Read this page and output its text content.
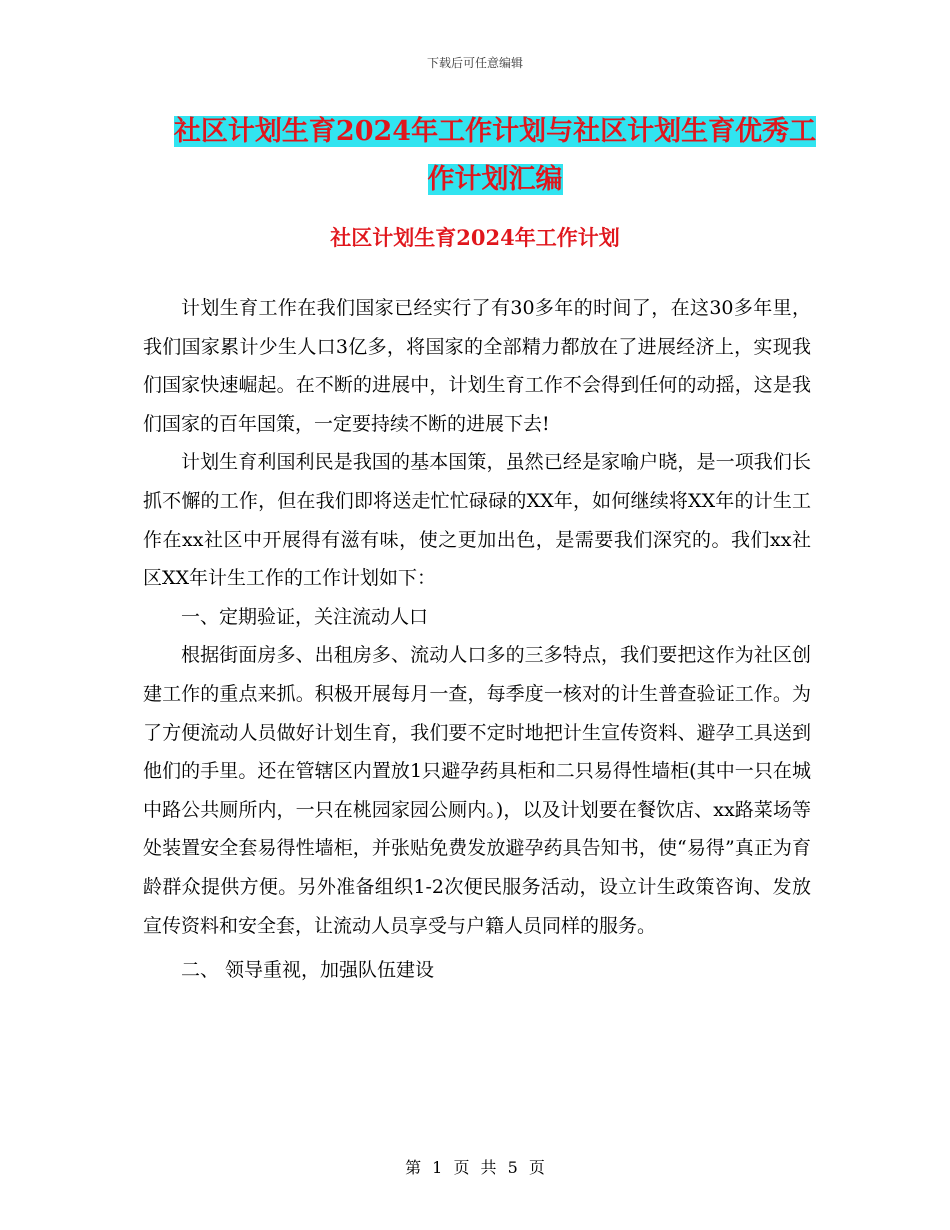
下载后可任意编辑
社区计划生育2024年工作计划与社区计划生育优秀工
作计划汇编
社区计划生育2024年工作计划

计划生育工作在我们国家已经实行了有30多年的时间了，在这30多年里，我们国家累计少生人口3亿多，将国家的全部精力都放在了进展经济上，实现我们国家快速崛起。在不断的进展中，计划生育工作不会得到任何的动摇，这是我们国家的百年国策，一定要持续不断的进展下去!

计划生育利国利民是我国的基本国策，虽然已经是家喻户晓，是一项我们长抓不懈的工作，但在我们即将送走忙忙碌碌的XX年，如何继续将XX年的计生工作在xx社区中开展得有滋有味，使之更加出色，是需要我们深究的。我们xx社区XX年计生工作的工作计划如下：

一、定期验证，关注流动人口

根据街面房多、出租房多、流动人口多的三多特点，我们要把这作为社区创建工作的重点来抓。积极开展每月一查，每季度一核对的计生普查验证工作。为了方便流动人员做好计划生育，我们要不定时地把计生宣传资料、避孕工具送到他们的手里。还在管辖区内置放1只避孕药具柜和二只易得性墙柜(其中一只在城中路公共厕所内，一只在桃园家园公厕内。)，以及计划要在餐饮店、xx路菜场等处装置安全套易得性墙柜，并张贴免费发放避孕药具告知书，使“易得”真正为育龄群众提供方便。另外准备组织1-2次便民服务活动，设立计生政策咨询、发放宣传资料和安全套，让流动人员享受与户籍人员同样的服务。

二、 领导重视，加强队伍建设

第 1 页 共 5 页
